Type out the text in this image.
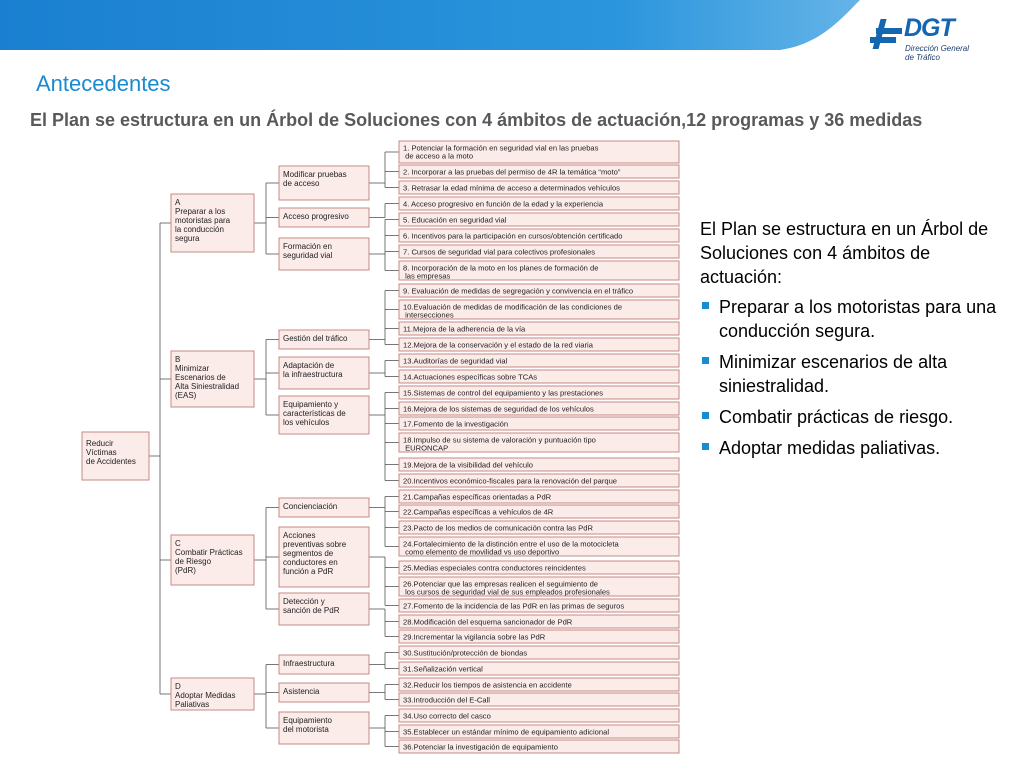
DGT
Dirección General
de Tráfico
Antecedentes
El Plan se estructura en un Árbol de Soluciones con 4 ámbitos de actuación,12 programas y 36 medidas
Reducir Víctimas de Accidentes
A Preparar a los motoristas para la conducción segura
B Minimizar Escenarios de Alta Siniestralidad (EAS)
C Combatir Prácticas de Riesgo (PdR)
D Adoptar Medidas Paliativas
Modificar pruebas de acceso
Acceso progresivo
Formación en seguridad vial
Gestión del tráfico
Adaptación de la infraestructura
Equipamiento y características de los vehículos
Concienciación
Acciones preventivas sobre segmentos de conductores en función a PdR
Detección y sanción de PdR
Infraestructura
Asistencia
Equipamiento del motorista
1. Potenciar la formación en seguridad vial en las pruebas de acceso a la moto
2. Incorporar a las pruebas del permiso de 4R la temática “moto”
3. Retrasar la edad mínima de acceso a determinados vehículos
4. Acceso progresivo en función de la edad y la experiencia
5. Educación en seguridad vial
6. Incentivos para la participación en cursos/obtención certificado
7. Cursos de seguridad vial para colectivos profesionales
8. Incorporación de la moto en los planes de formación de las empresas
9. Evaluación de medidas de segregación y convivencia en el tráfico
10.Evaluación de medidas de modificación de las condiciones de intersecciones
11.Mejora de la adherencia de la vía
12.Mejora de la conservación y el estado de la red viaria
13.Auditorías de seguridad vial
14.Actuaciones específicas sobre TCAs
15.Sistemas de control del equipamiento y las prestaciones
16.Mejora de los sistemas de seguridad de los vehículos
17.Fomento de la investigación
18.Impulso de su sistema de valoración y puntuación tipo EURONCAP
19.Mejora de la visibilidad del vehículo
20.Incentivos económico-fiscales para la renovación del parque
21.Campañas específicas orientadas a PdR
22.Campañas específicas a vehículos de 4R
23.Pacto de los medios de comunicación contra las PdR
24.Fortalecimiento de la distinción entre el uso de la motocicleta como elemento de movilidad vs uso deportivo
25.Medias especiales contra conductores reincidentes
26.Potenciar que las empresas realicen el seguimiento de los cursos de seguridad vial de sus empleados profesionales
27.Fomento de la incidencia de las PdR en las primas de seguros
28.Modificación del esquema sancionador de PdR
29.Incrementar la vigilancia sobre las PdR
30.Sustitución/protección de biondas
31.Señalización vertical
32.Reducir los tiempos de asistencia en accidente
33.Introducción del E-Call
34.Uso correcto del casco
35.Establecer un estándar mínimo de equipamiento adicional
36.Potenciar la investigación de equipamiento

El Plan se estructura en un Árbol de Soluciones con 4 ámbitos de actuación:

Preparar a los motoristas para una conducción segura.
Minimizar escenarios de alta siniestralidad.
Combatir prácticas de riesgo.
Adoptar medidas paliativas.
